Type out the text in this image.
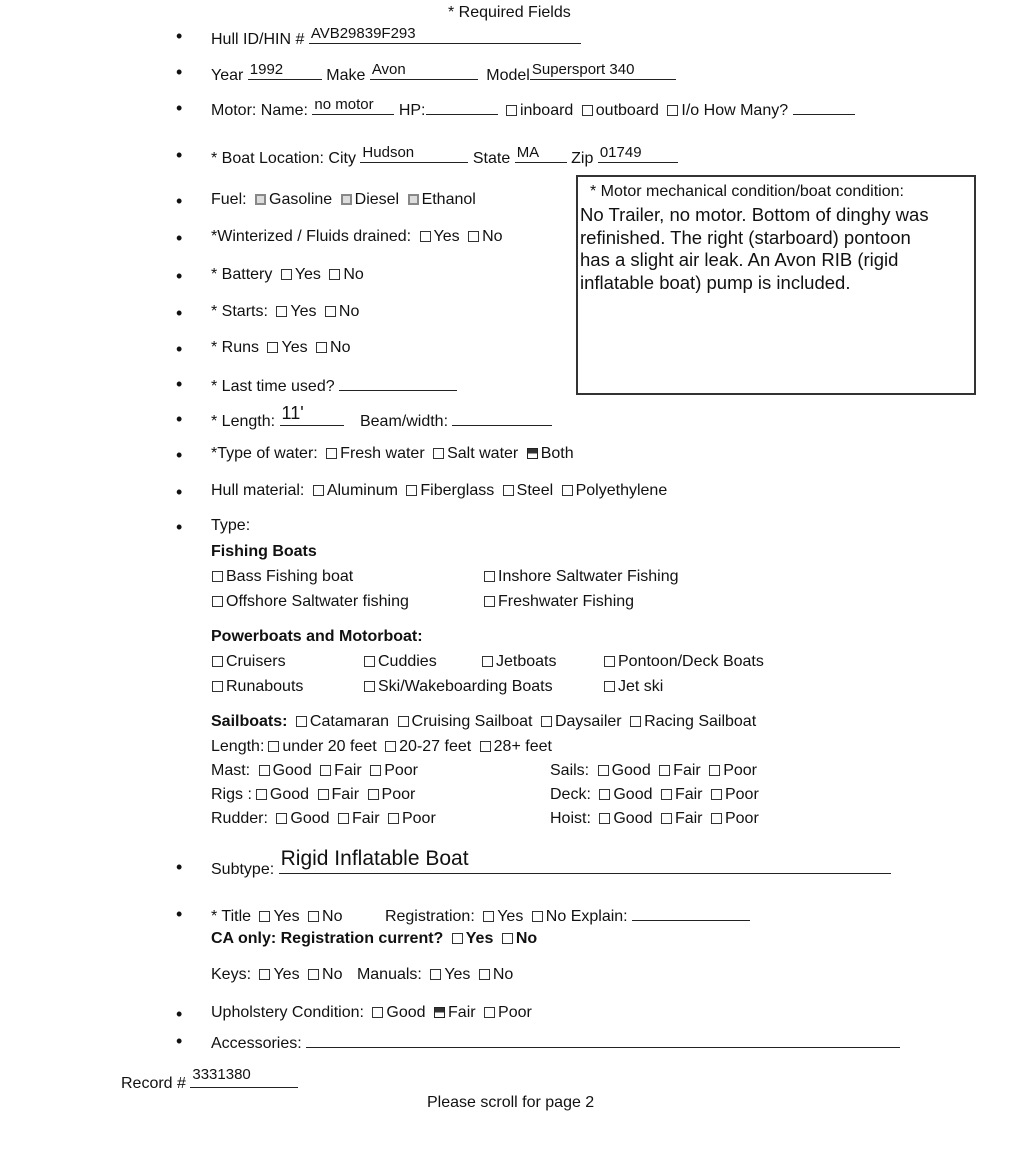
* Required Fields
• Hull ID/HIN # AVB29839F293
• Year 1992	Make Avon	Model Supersport 340
• Motor: Name: no motor HP:	inboard outboard I/o How Many?
• * Boat Location: City Hudson	State MA Zip 01749
• Fuel: Gasoline Diesel Ethanol
• *Winterized / Fluids drained: Yes No
• * Battery Yes No
• * Starts: Yes No
• * Runs Yes No
• * Last time used?
• * Length: 11'	Beam/width:
* Motor mechanical condition/boat condition:
No Trailer, no motor. Bottom of dinghy was
refinished. The right (starboard) pontoon
has a slight air leak. An Avon RIB (rigid
inflatable boat) pump is included.
• *Type of water: Fresh water Salt water Both
• Hull material: Aluminum Fiberglass Steel Polyethylene
• Type:
Fishing Boats
Bass Fishing boat	Inshore Saltwater Fishing
Offshore Saltwater fishing	Freshwater Fishing
Powerboats and Motorboat:
Cruisers	Cuddies	Jetboats	Pontoon/Deck Boats
Runabouts	Ski/Wakeboarding Boats	Jet ski
Sailboats: Catamaran Cruising Sailboat Daysailer Racing Sailboat
Length: under 20 feet 20-27 feet 28+ feet
Mast: Good Fair Poor	Sails: Good Fair Poor
Rigs : Good Fair Poor	Deck: Good Fair Poor
Rudder: Good Fair Poor	Hoist: Good Fair Poor
• Subtype: Rigid Inflatable Boat
• * Title Yes No	Registration: Yes No Explain:
CA only: Registration current? Yes No
Keys: Yes No Manuals: Yes No
• Upholstery Condition: Good Fair Poor
• Accessories:
Record #
3331380
Please scroll for page 2
